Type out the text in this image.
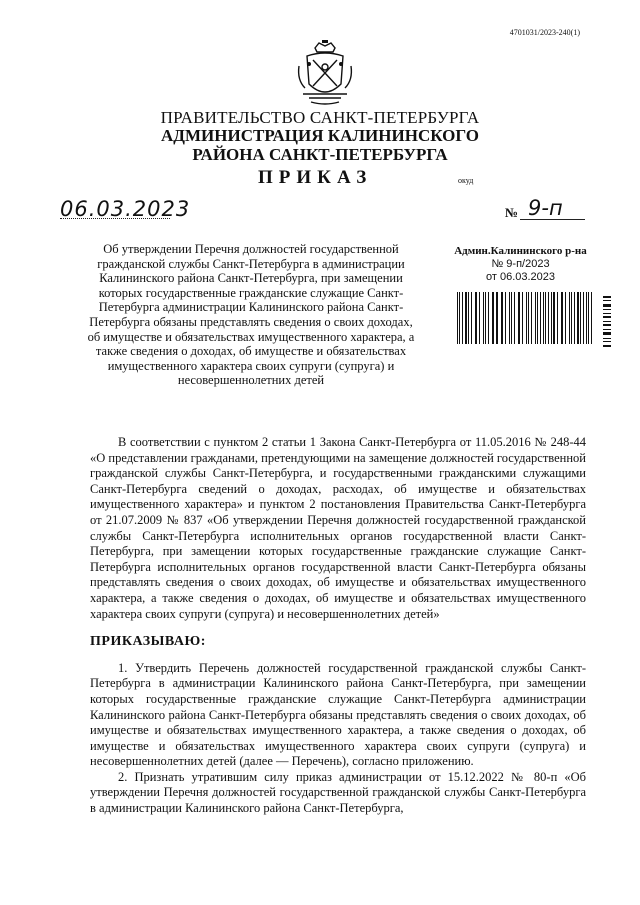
4701031/2023-240(1)
ПРАВИТЕЛЬСТВО САНКТ-ПЕТЕРБУРГА
АДМИНИСТРАЦИЯ КАЛИНИНСКОГО
РАЙОНА САНКТ-ПЕТЕРБУРГА
ПРИКАЗ	окуд
06.03.2023	№ 9-п
Об утверждении Перечня должностей государственной гражданской службы Санкт-Петербурга в администрации Калининского района Санкт-Петербурга, при замещении которых государственные гражданские служащие Санкт-Петербурга администрации Калининского района Санкт-Петербурга обязаны представлять сведения о своих доходах, об имуществе и обязательствах имущественного характера, а также сведения о доходах, об имуществе и обязательствах имущественного характера своих супруги (супруга) и несовершеннолетних детей
Админ.Калининского р-на
№ 9-п/2023
от 06.03.2023

В соответствии с пунктом 2 статьи 1 Закона Санкт-Петербурга от 11.05.2016 № 248-44 «О представлении гражданами, претендующими на замещение должностей государственной гражданской службы Санкт-Петербурга, и государственными гражданскими служащими Санкт-Петербурга сведений о доходах, расходах, об имуществе и обязательствах имущественного характера» и пунктом 2 постановления Правительства Санкт-Петербурга от 21.07.2009 № 837 «Об утверждении Перечня должностей государственной гражданской службы Санкт-Петербурга исполнительных органов государственной власти Санкт-Петербурга, при замещении которых государственные гражданские служащие Санкт-Петербурга исполнительных органов государственной власти Санкт-Петербурга обязаны представлять сведения о своих доходах, об имуществе и обязательствах имущественного характера, а также сведения о доходах, об имуществе и обязательствах имущественного характера своих супруги (супруга) и несовершеннолетних детей»

ПРИКАЗЫВАЮ:

1. Утвердить Перечень должностей государственной гражданской службы Санкт-Петербурга в администрации Калининского района Санкт-Петербурга, при замещении которых государственные гражданские служащие Санкт-Петербурга администрации Калининского района Санкт-Петербурга обязаны представлять сведения о своих доходах, об имуществе и обязательствах имущественного характера, а также сведения о доходах, об имуществе и обязательствах имущественного характера своих супруги (супруга) и несовершеннолетних детей (далее — Перечень), согласно приложению.

2. Признать утратившим силу приказ администрации от 15.12.2022 № 80-п «Об утверждении Перечня должностей государственной гражданской службы Санкт-Петербурга в администрации Калининского района Санкт-Петербурга,
